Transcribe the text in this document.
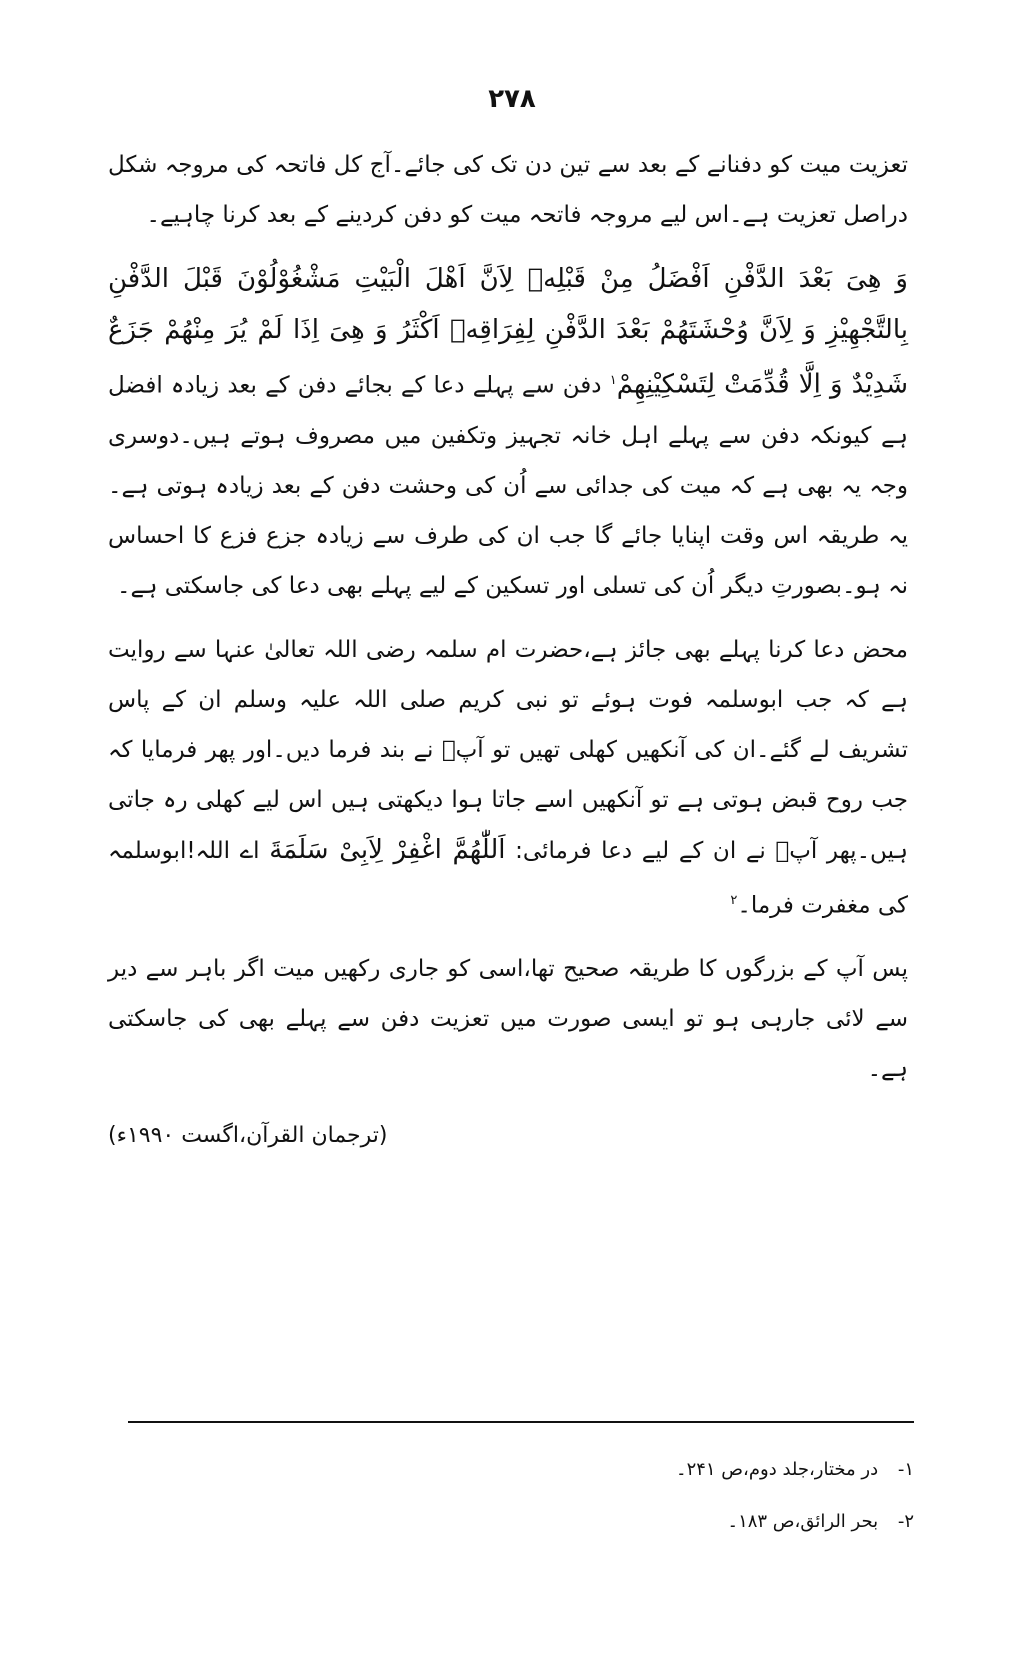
۲۷۸

تعزیت میت کو دفنانے کے بعد سے تین دن تک کی جائے۔آج کل فاتحہ کی مروجہ شکل دراصل تعزیت ہے۔اس لیے مروجہ فاتحہ میت کو دفن کردینے کے بعد کرنا چاہیے۔

وَ هِیَ بَعْدَ الدَّفْنِ اَفْضَلُ مِنْ قَبْلِهٖ لِاَنَّ اَهْلَ الْبَیْتِ مَشْغُوْلُوْنَ قَبْلَ الدَّفْنِ بِالتَّجْهِیْزِ وَ لِاَنَّ وُحْشَتَهُمْ بَعْدَ الدَّفْنِ لِفِرَاقِهٖ اَكْثَرُ وَ هِیَ اِذَا لَمْ یُرَ مِنْهُمْ جَزَعٌ شَدِیْدٌ وَ اِلَّا قُدِّمَتْ لِتَسْكِیْنِهِمْ$^۱$ دفن سے پہلے دعا کے بجائے دفن کے بعد زیادہ افضل ہے کیونکہ دفن سے پہلے اہل خانہ تجہیز وتکفین میں مصروف ہوتے ہیں۔دوسری وجہ یہ بھی ہے کہ میت کی جدائی سے اُن کی وحشت دفن کے بعد زیادہ ہوتی ہے۔یہ طریقہ اس وقت اپنایا جائے گا جب ان کی طرف سے زیادہ جزع فزع کا احساس نہ ہو۔بصورتِ دیگر اُن کی تسلی اور تسکین کے لیے پہلے بھی دعا کی جاسکتی ہے۔

محض دعا کرنا پہلے بھی جائز ہے،حضرت ام سلمہ رضی اللہ تعالیٰ عنہا سے روایت ہے کہ جب ابوسلمہ فوت ہوئے تو نبی کریم صلی اللہ علیہ وسلم ان کے پاس تشریف لے گئے۔ان کی آنکھیں کھلی تھیں تو آپؐ نے بند فرما دیں۔اور پھر فرمایا کہ جب روح قبض ہوتی ہے تو آنکھیں اسے جاتا ہوا دیکھتی ہیں اس لیے کھلی رہ جاتی ہیں۔پھر آپؐ نے ان کے لیے دعا فرمائی: اَللّٰهُمَّ اغْفِرْ لِاَبِیْ سَلَمَةَ اے اللہ!ابوسلمہ کی مغفرت فرما۔$^۲$

پس آپ کے بزرگوں کا طریقہ صحیح تھا،اسی کو جاری رکھیں میت اگر باہر سے دیر سے لائی جارہی ہو تو ایسی صورت میں تعزیت دفن سے پہلے بھی کی جاسکتی ہے۔

(ترجمان القرآن،اگست ۱۹۹۰ء)

۱- در مختار،جلد دوم،ص ۲۴۱۔

۲- بحر الرائق،ص ۱۸۳۔
